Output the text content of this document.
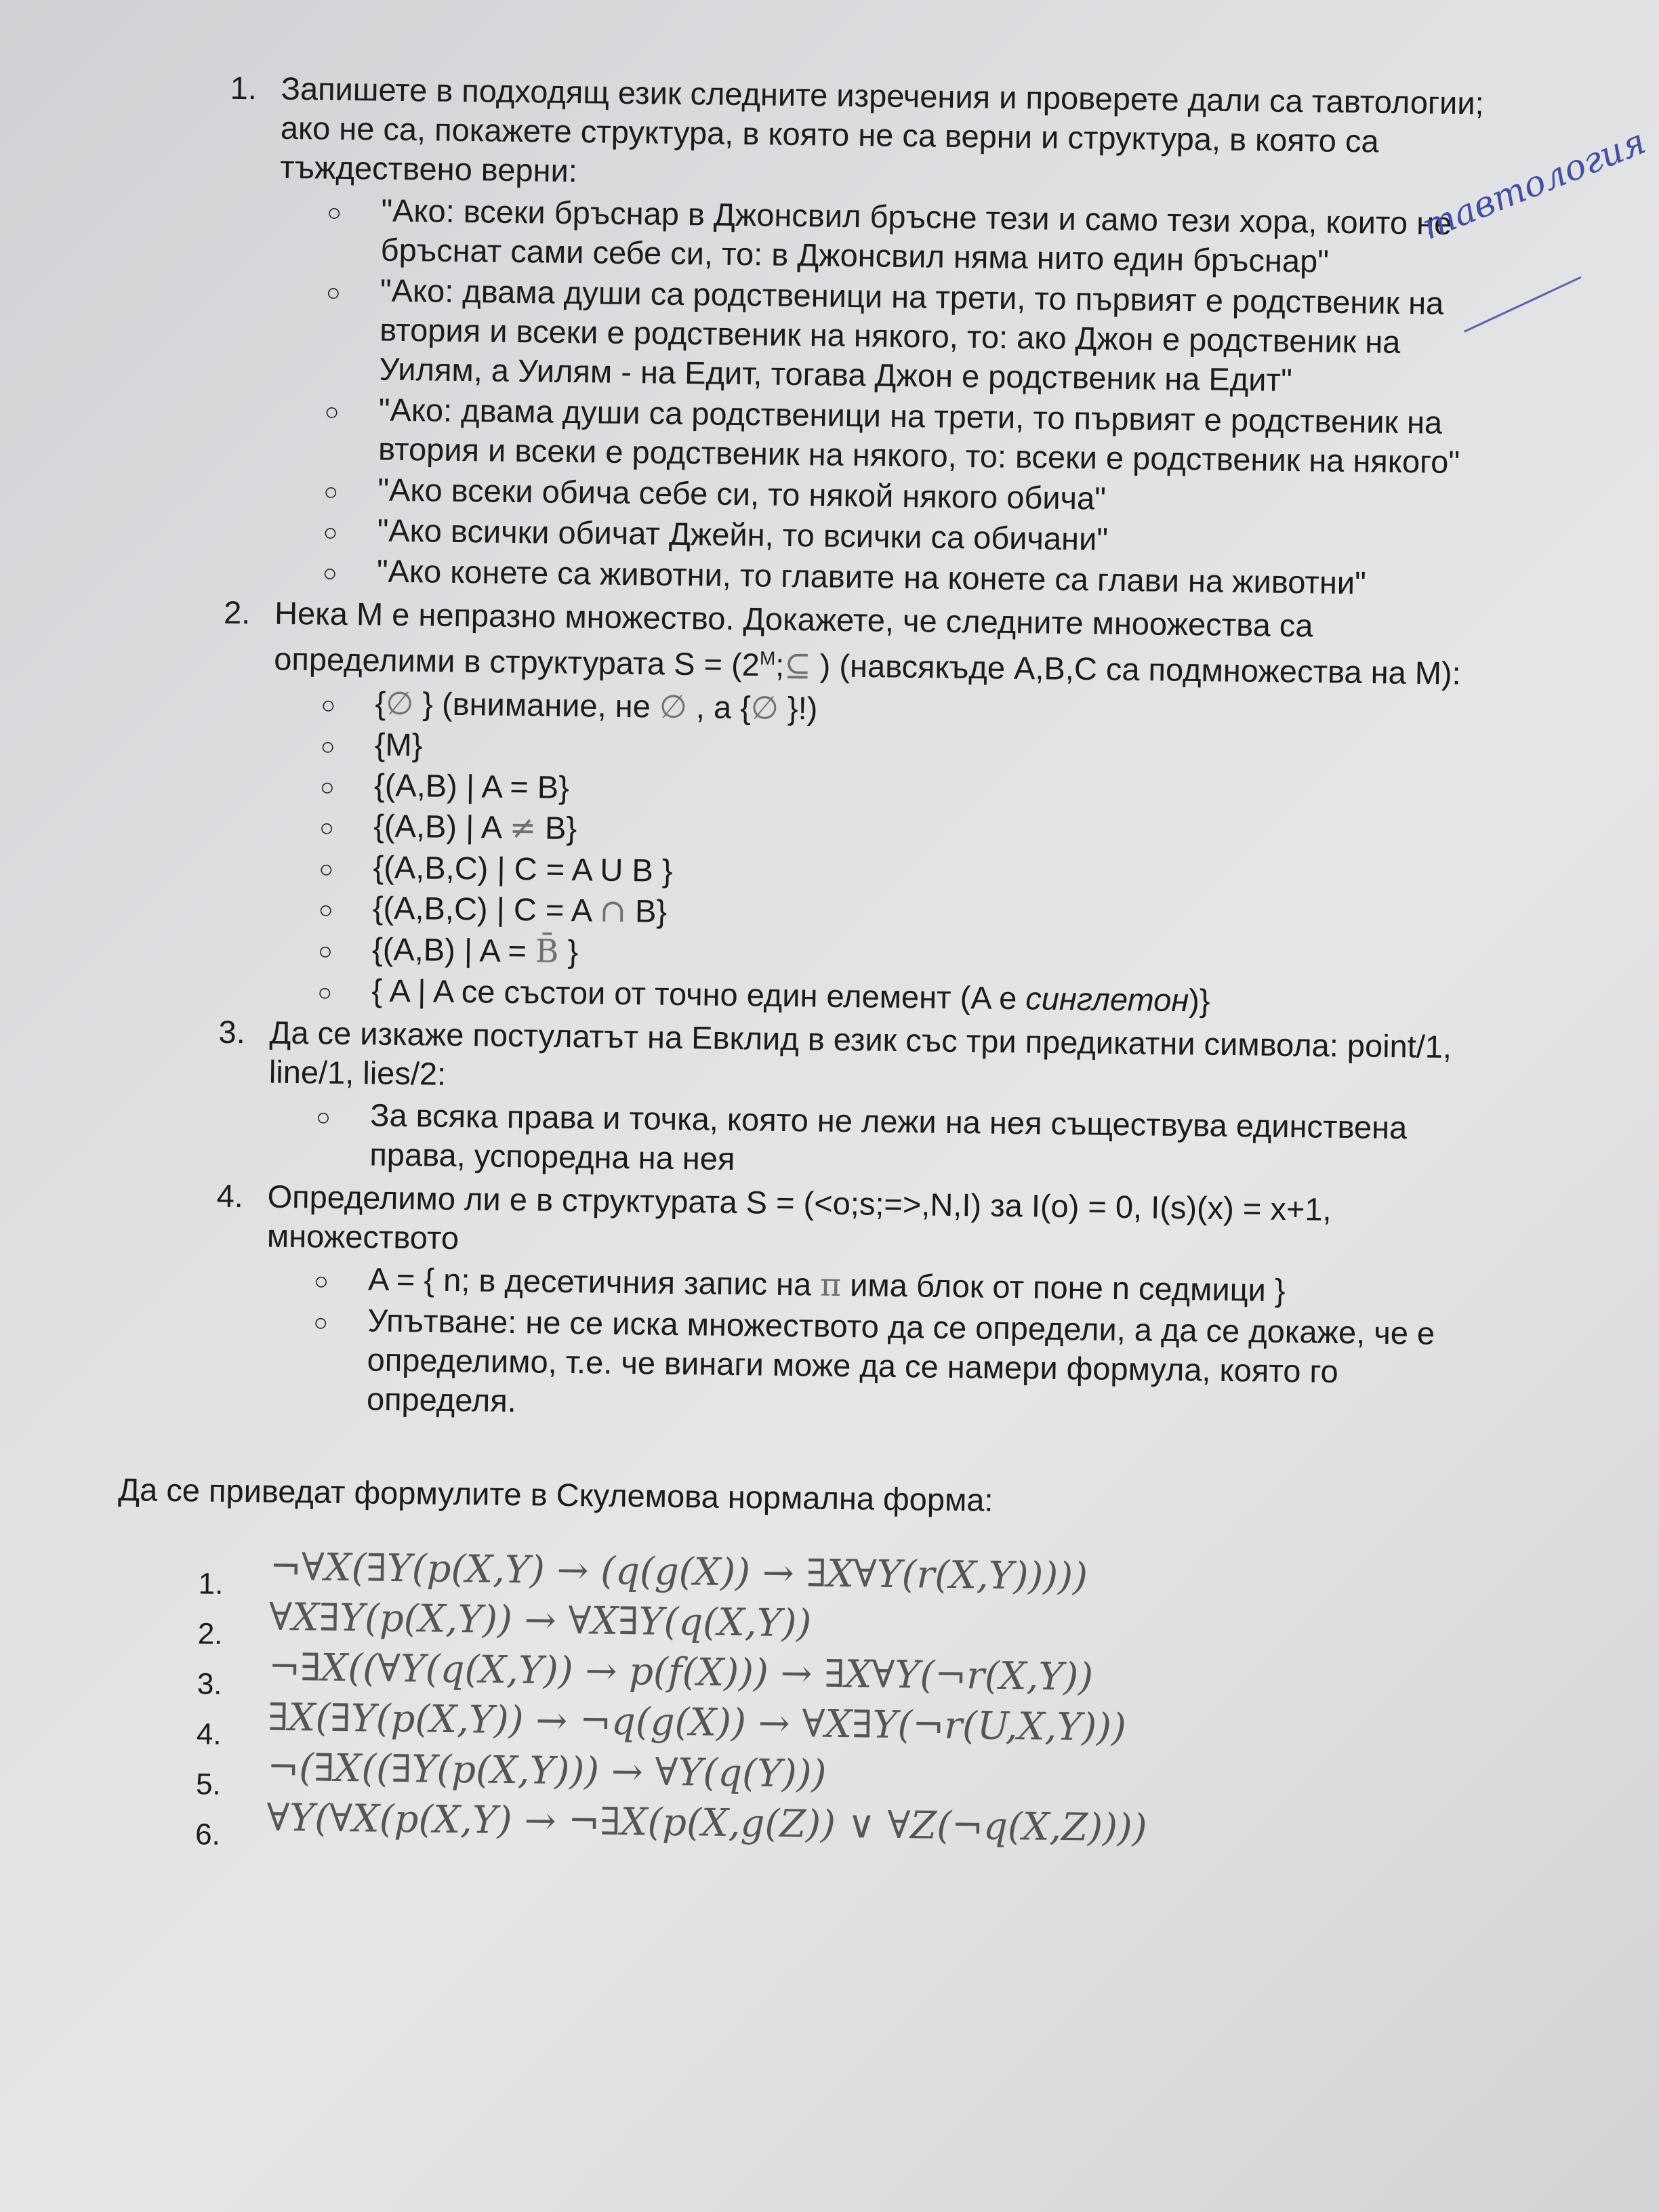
1. Запишете в подходящ език следните изречения и проверете дали са тавтологии; ако не са, покажете структура, в която не са верни и структура, в която са тъждествено верни:
○ "Ако: всеки бръснар в Джонсвил бръсне тези и само тези хора, които не бръснат сами себе си, то: в Джонсвил няма нито един бръснар"
○ "Ако: двама души са родственици на трети, то първият е родственик на втория и всеки е родственик на някого, то: ако Джон е родственик на Уилям, а Уилям - на Едит, тогава Джон е родственик на Едит"
○ "Ако: двама души са родственици на трети, то първият е родственик на втория и всеки е родственик на някого, то: всеки е родственик на някого"
○ "Ако всеки обича себе си, то някой някого обича"
○ "Ако всички обичат Джейн, то всички са обичани"
○ "Ако конете са животни, то главите на конете са глави на животни"
2. Нека M е непразно множество. Докажете, че следните мноожества са определими в структурата $S = (2^M;⊆$ ) (навсякъде A,B,C са подмножества на M):
○ {∅ } (внимание, не ∅ , а {∅ }!)
○ {M}
○ {(A,B) | A = B}
○ {(A,B) | A ≠ B}
○ {(A,B,C) | C = A U B }
○ {(A,B,C) | C = A ∩ B}
○ {(A,B) | A = B̄ }
○ { A | A се състои от точно един елемент (A е синглетон)}
3. Да се изкаже постулатът на Евклид в език със три предикатни символа: point/1, line/1, lies/2:
○ За всяка права и точка, която не лежи на нея съществува единствена права, успоредна на нея
4. Определимо ли е в структурата S = (<o;s;=>,N,I) за I(o) = 0, I(s)(x) = x+1, множеството
○ A = { n; в десетичния запис на π има блок от поне n седмици }
○ Упътване: не се иска множеството да се определи, а да се докаже, че е определимо, т.е. че винаги може да се намери формула, която го определя.
Да се приведат формулите в Скулемова нормална форма:
1. ¬∀X(∃Y(p(X,Y) → (q(g(X)) → ∃X∀Y(r(X,Y)))))
2. ∀X∃Y(p(X,Y)) → ∀X∃Y(q(X,Y))
3. ¬∃X((∀Y(q(X,Y)) → p(f(X))) → ∃X∀Y(¬r(X,Y))
4. ∃X(∃Y(p(X,Y)) → ¬q(g(X)) → ∀X∃Y(¬r(U,X,Y)))
5. ¬(∃X((∃Y(p(X,Y))) → ∀Y(q(Y)))
6. ∀Y(∀X(p(X,Y) → ¬∃X(p(X,g(Z)) ∨ ∀Z(¬q(X,Z))))
тавтология
